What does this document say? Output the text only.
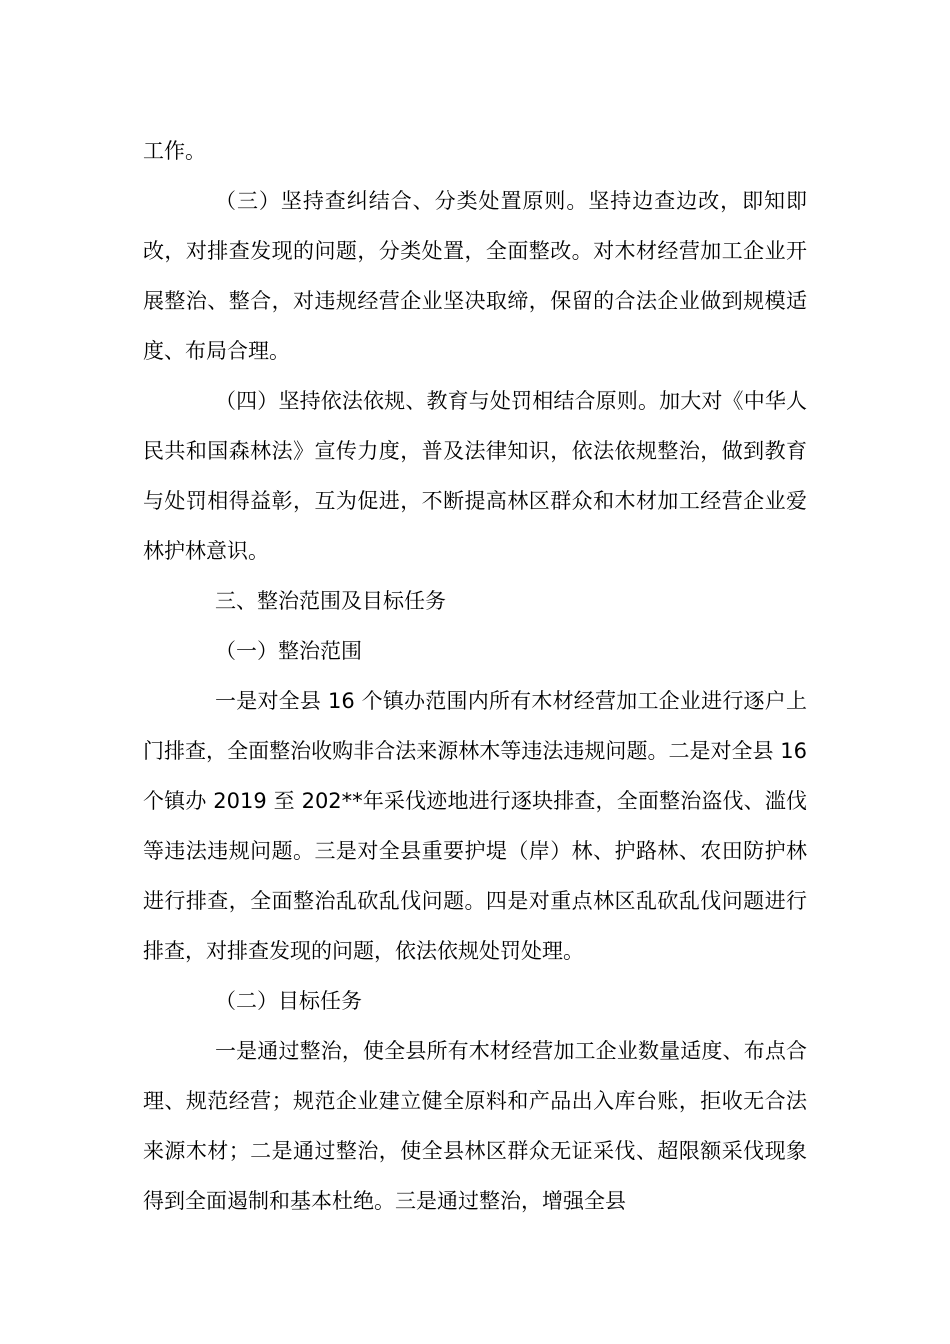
工作。

（三）坚持查纠结合、分类处置原则。坚持边查边改，即知即改，对排查发现的问题，分类处置，全面整改。对木材经营加工企业开展整治、整合，对违规经营企业坚决取缔，保留的合法企业做到规模适度、布局合理。

（四）坚持依法依规、教育与处罚相结合原则。加大对《中华人民共和国森林法》宣传力度，普及法律知识，依法依规整治，做到教育与处罚相得益彰，互为促进，不断提高林区群众和木材加工经营企业爱林护林意识。

三、整治范围及目标任务

（一）整治范围

一是对全县 16 个镇办范围内所有木材经营加工企业进行逐户上门排查，全面整治收购非合法来源林木等违法违规问题。二是对全县 16 个镇办 2019 至 202**年采伐迹地进行逐块排查，全面整治盗伐、滥伐等违法违规问题。三是对全县重要护堤（岸）林、护路林、农田防护林进行排查，全面整治乱砍乱伐问题。四是对重点林区乱砍乱伐问题进行排查，对排查发现的问题，依法依规处罚处理。

（二）目标任务

一是通过整治，使全县所有木材经营加工企业数量适度、布点合理、规范经营；规范企业建立健全原料和产品出入库台账，拒收无合法来源木材；二是通过整治，使全县林区群众无证采伐、超限额采伐现象得到全面遏制和基本杜绝。三是通过整治，增强全县
